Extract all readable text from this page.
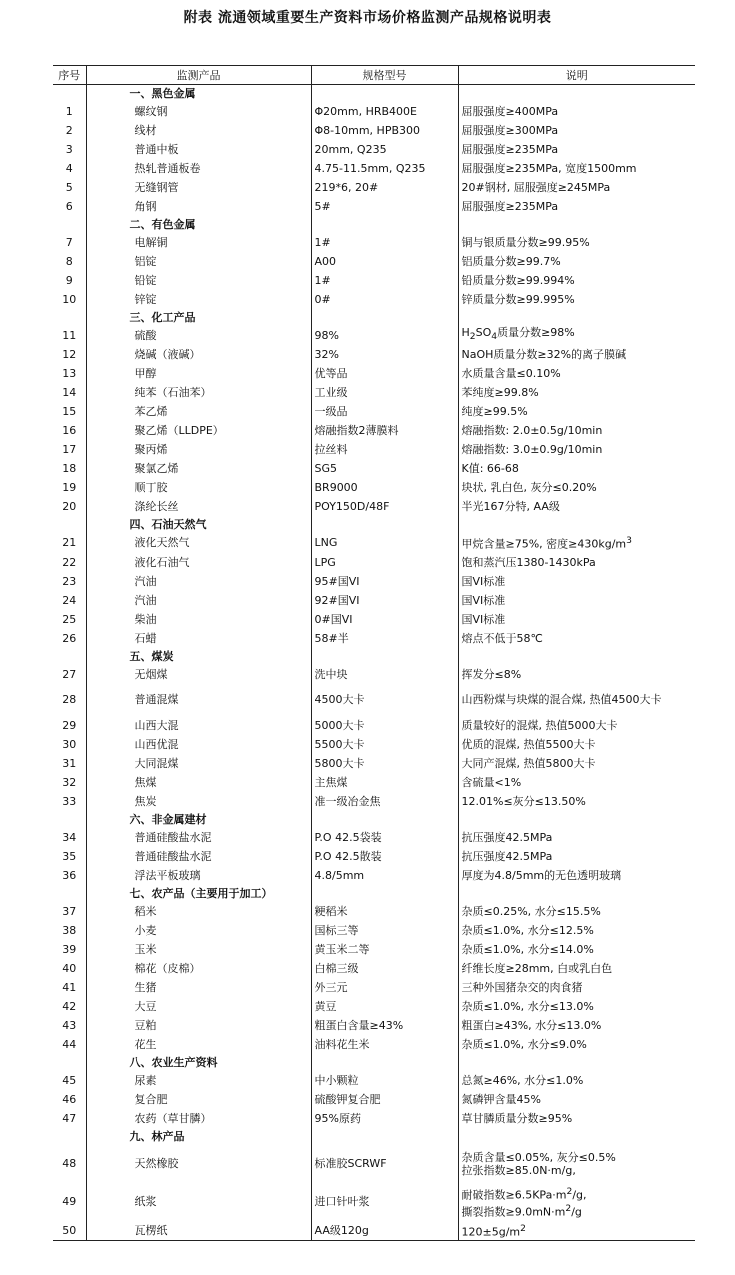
附表 流通领域重要生产资料市场价格监测产品规格说明表
序号	监测产品	规格型号	说明
	一、黑色金属		
1	螺纹钢	Φ20mm, HRB400E	屈服强度≥400MPa
2	线材	Φ8-10mm, HPB300	屈服强度≥300MPa
3	普通中板	20mm, Q235	屈服强度≥235MPa
4	热轧普通板卷	4.75-11.5mm, Q235	屈服强度≥235MPa, 宽度1500mm
5	无缝钢管	219*6, 20#	20#钢材, 屈服强度≥245MPa
6	角钢	5#	屈服强度≥235MPa
	二、有色金属		
7	电解铜	1#	铜与银质量分数≥99.95%
8	铝锭	A00	铝质量分数≥99.7%
9	铅锭	1#	铅质量分数≥99.994%
10	锌锭	0#	锌质量分数≥99.995%
	三、化工产品		
11	硫酸	98%	$H_2SO_4$质量分数≥98%
12	烧碱（液碱）	32%	NaOH质量分数≥32%的离子膜碱
13	甲醇	优等品	水质量含量≤0.10%
14	纯苯（石油苯）	工业级	苯纯度≥99.8%
15	苯乙烯	一级品	纯度≥99.5%
16	聚乙烯（LLDPE）	熔融指数2薄膜料	熔融指数: 2.0±0.5g/10min
17	聚丙烯	拉丝料	熔融指数: 3.0±0.9g/10min
18	聚氯乙烯	SG5	K值: 66-68
19	顺丁胶	BR9000	块状, 乳白色, 灰分≤0.20%
20	涤纶长丝	POY150D/48F	半光167分特, AA级
	四、石油天然气		
21	液化天然气	LNG	甲烷含量≥75%, 密度$\ge 430kg/m^3$
22	液化石油气	LPG	饱和蒸汽压1380-1430kPa
23	汽油	95#国VI	国VI标准
24	汽油	92#国VI	国VI标准
25	柴油	0#国VI	国VI标准
26	石蜡	58#半	熔点不低于58℃
	五、煤炭		
27	无烟煤	洗中块	挥发分≤8%
28	普通混煤	4500大卡	山西粉煤与块煤的混合煤, 热值4500大卡
29	山西大混	5000大卡	质量较好的混煤, 热值5000大卡
30	山西优混	5500大卡	优质的混煤, 热值5500大卡
31	大同混煤	5800大卡	大同产混煤, 热值5800大卡
32	焦煤	主焦煤	含硫量<1%
33	焦炭	准一级冶金焦	12.01%≤灰分≤13.50%
	六、非金属建材		
34	普通硅酸盐水泥	P.O 42.5袋装	抗压强度42.5MPa
35	普通硅酸盐水泥	P.O 42.5散装	抗压强度42.5MPa
36	浮法平板玻璃	4.8/5mm	厚度为4.8/5mm的无色透明玻璃
	七、农产品（主要用于加工）		
37	稻米	粳稻米	杂质≤0.25%, 水分≤15.5%
38	小麦	国标三等	杂质≤1.0%, 水分≤12.5%
39	玉米	黄玉米二等	杂质≤1.0%, 水分≤14.0%
40	棉花（皮棉）	白棉三级	纤维长度≥28mm, 白或乳白色
41	生猪	外三元	三种外国猪杂交的肉食猪
42	大豆	黄豆	杂质≤1.0%, 水分≤13.0%
43	豆粕	粗蛋白含量≥43%	粗蛋白≥43%, 水分≤13.0%
44	花生	油料花生米	杂质≤1.0%, 水分≤9.0%
	八、农业生产资料		
45	尿素	中小颗粒	总氮≥46%, 水分≤1.0%
46	复合肥	硫酸钾复合肥	氮磷钾含量45%
47	农药（草甘膦）	95%原药	草甘膦质量分数≥95%
	九、林产品		
48	天然橡胶	标准胶SCRWF	杂质含量≤0.05%, 灰分≤0.5%
拉张指数≥85.0N·m/g,

49	纸浆	进口针叶浆	耐破指数$\ge 6.5KPa\cdot m^2/g$,
撕裂指数$\ge 9.0mN\cdot m^2/g$

50	瓦楞纸	AA级120g	$120\pm 5g/m^2$
